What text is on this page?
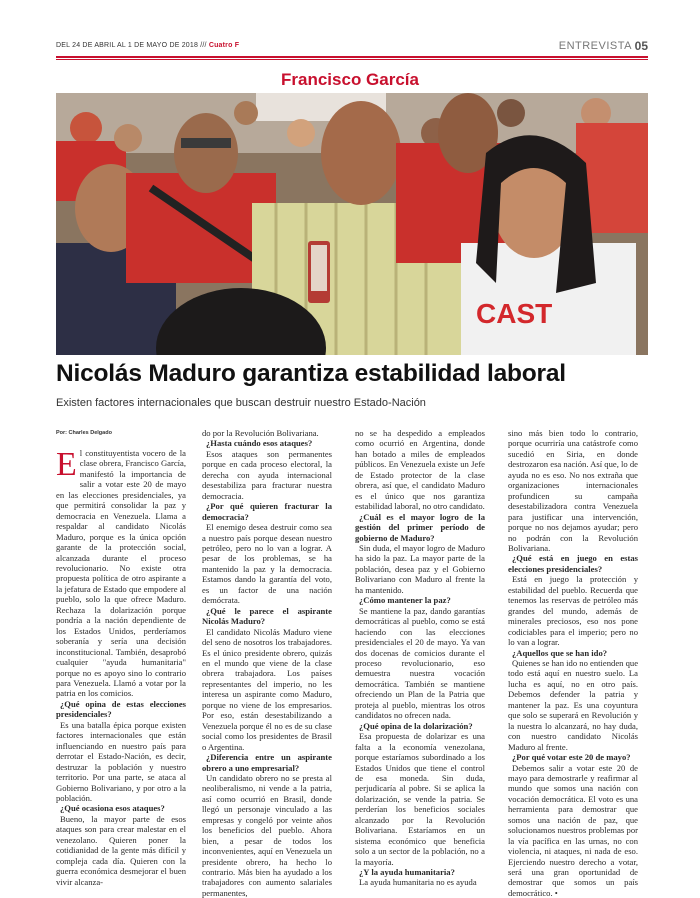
DEL 24 DE ABRIL AL 1 DE MAYO DE 2018 /// Cuatro F	ENTREVISTA 05
Francisco García
CAST
Nicolás Maduro garantiza estabilidad laboral
Existen factores internacionales que buscan destruir nuestro Estado-Nación
Por: Charles Delgado

El constituyentista vocero de la clase obrera, Francisco García, manifestó la importancia de salir a votar este 20 de mayo en las elecciones presidenciales, ya que permitirá consolidar la paz y democracia en Venezuela. Llama a respaldar al candidato Nicolás Maduro, porque es la única opción garante de la protección social, alcanzada durante el proceso revolucionario. No existe otra propuesta política de otro aspirante a la jefatura de Estado que empodere al pueblo, solo la que ofrece Maduro. Rechaza la dolarización porque pondría a la nación dependiente de los Estados Unidos, perderíamos soberanía y sería una decisión inconstitucional. También, desaprobó cualquier "ayuda humanitaria" porque no es apoyo sino lo contrario para Venezuela. Llamó a votar por la patria en los comicios.

¿Qué opina de estas elecciones presidenciales?

Es una batalla épica porque existen factores internacionales que están influenciando en nuestro país para derrotar el Estado-Nación, es decir, destruzar la población y nuestro territorio. Por una parte, se ataca al Gobierno Bolivariano, y por otro a la población.

¿Qué ocasiona esos ataques?

Bueno, la mayor parte de esos ataques son para crear malestar en el venezolano. Quieren poner la cotidianidad de la gente más difícil y compleja cada día. Quieren con la guerra económica desmejorar el buen vivir alcanza-

do por la Revolución Bolivariana.

¿Hasta cuándo esos ataques?

Esos ataques son permanentes porque en cada proceso electoral, la derecha con ayuda internacional desestabiliza para fracturar nuestra democracia.

¿Por qué quieren fracturar la democracia?

El enemigo desea destruir como sea a nuestro país porque desean nuestro petróleo, pero no lo van a lograr. A pesar de los problemas, se ha mantenido la paz y la democracia. Estamos dando la garantía del voto, es un factor de una nación demócrata.

¿Qué le parece el aspirante Nicolás Maduro?

El candidato Nicolás Maduro viene del seno de nosotros los trabajadores. Es el único presidente obrero, quizás en el mundo que viene de la clase obrera trabajadora. Los países representantes del imperio, no les interesa un aspirante como Maduro, porque no viene de los empresarios. Por eso, están desestabilizando a Venezuela porque él no es de su clase social como los presidentes de Brasil o Argentina.

¿Diferencia entre un aspirante obrero a uno empresarial?

Un candidato obrero no se presta al neoliberalismo, ni vende a la patria, así como ocurrió en Brasil, donde llegó un personaje vinculado a las empresas y congeló por veinte años los beneficios del pueblo. Ahora bien, a pesar de todos los inconvenientes, aquí en Venezuela un presidente obrero, ha hecho lo contrario. Más bien ha ayudado a los trabajadores con aumento salariales permanentes,

no se ha despedido a empleados como ocurrió en Argentina, donde han botado a miles de empleados públicos. En Venezuela existe un Jefe de Estado protector de la clase obrera, así que, el candidato Maduro es el único que nos garantiza estabilidad laboral, no otro candidato.

¿Cuál es el mayor logro de la gestión del primer período de gobierno de Maduro?

Sin duda, el mayor logro de Maduro ha sido la paz. La mayor parte de la población, desea paz y el Gobierno Bolivariano con Maduro al frente la ha mantenido.

¿Cómo mantener la paz?

Se mantiene la paz, dando garantías democráticas al pueblo, como se está haciendo con las elecciones presidenciales el 20 de mayo. Ya van dos docenas de comicios durante el proceso revolucionario, eso demuestra nuestra vocación democrática. También se mantiene ofreciendo un Plan de la Patria que proteja al pueblo, mientras los otros candidatos no ofrecen nada.

¿Qué opina de la dolarización?

Esa propuesta de dolarizar es una falta a la economía venezolana, porque estaríamos subordinado a los Estados Unidos que tiene el control de esa moneda. Sin duda, perjudicaría al pobre. Si se aplica la dolarización, se vende la patria. Se perderían los beneficios sociales alcanzado por la Revolución Bolivariana. Estaríamos en un sistema económico que beneficia solo a un sector de la población, no a la mayoría.

¿Y la ayuda humanitaria?

La ayuda humanitaria no es ayuda

sino más bien todo lo contrario, porque ocurriría una catástrofe como sucedió en Siria, en donde destrozaron esa nación. Así que, lo de ayuda no es eso. No nos extraña que organizaciones internacionales profundicen su campaña desestabilizadora contra Venezuela para justificar una intervención, porque no nos dejamos ayudar; pero no podrán con la Revolución Bolivariana.

¿Qué está en juego en estas elecciones presidenciales?

Está en juego la protección y estabilidad del pueblo. Recuerda que tenemos las reservas de petróleo más grandes del mundo, además de minerales preciosos, eso nos pone codiciables para el imperio; pero no lo van a lograr.

¿Aquellos que se han ido?

Quienes se han ido no entienden que todo está aquí en nuestro suelo. La lucha es aquí, no en otro país. Debemos defender la patria y mantener la paz. Es una coyuntura que solo se superará en Revolución y la nuestra lo alcanzará, no hay duda, con nuestro candidato Nicolás Maduro al frente.

¿Por qué votar este 20 de mayo?

Debemos salir a votar este 20 de mayo para demostrarle y reafirmar al mundo que somos una nación con vocación democrática. El voto es una herramienta para demostrar que somos una nación de paz, que solucionamos nuestros problemas por la vía pacífica en las urnas, no con violencia, ni ataques, ni nada de eso. Ejerciendo nuestro derecho a votar, será una gran oportunidad de demostrar que somos un país democrático. •
